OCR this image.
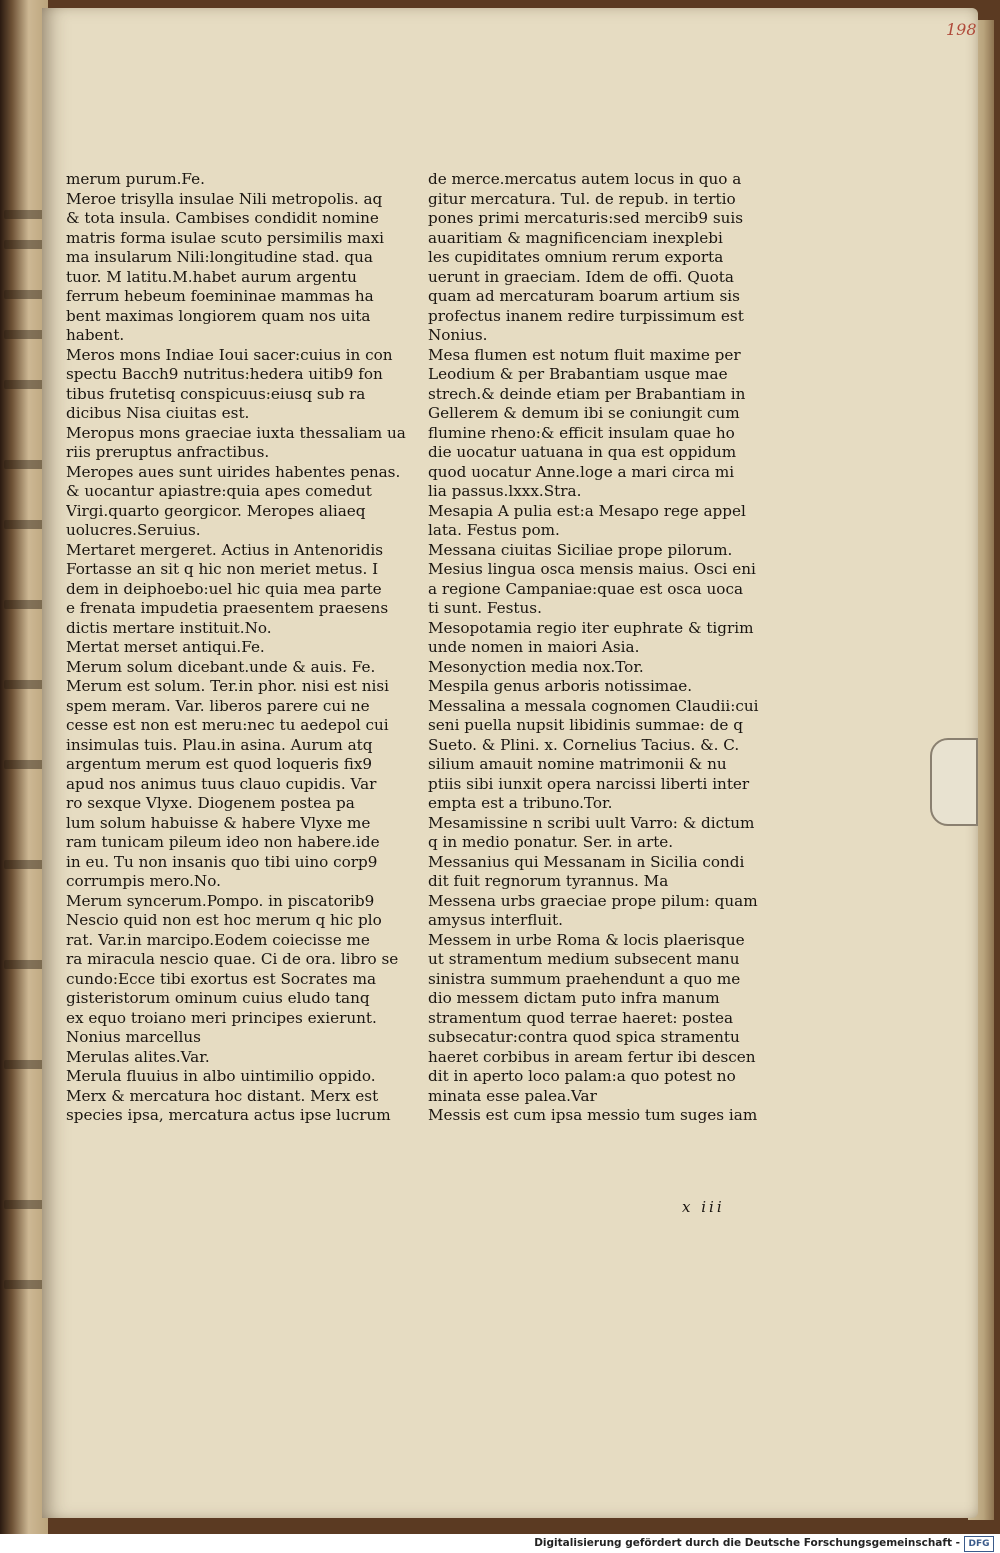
198
merum purum.Fe.
Meroe trisylla insulae Nili metropolis. aq
& tota insula. Cambises condidit nomine
matris forma isulae scuto persimilis maxi
ma insularum Nili:longitudine stad. qua
tuor. M latitu.M.habet aurum argentu
ferrum hebeum foemininae mammas ha
bent maximas longiorem quam nos uita
habent.
Meros mons Indiae Ioui sacer:cuius in con
spectu Bacch9 nutritus:hedera uitib9 fon
tibus frutetisq conspicuus:eiusq sub ra
dicibus Nisa ciuitas est.
Meropus mons graeciae iuxta thessaliam ua
riis preruptus anfractibus.
Meropes aues sunt uirides habentes penas.
& uocantur apiastre:quia apes comedut
Virgi.quarto georgicor. Meropes aliaeq
uolucres.Seruius.
Mertaret mergeret. Actius in Antenoridis
Fortasse an sit q hic non meriet metus. I
dem in deiphoebo:uel hic quia mea parte
e frenata impudetia praesentem praesens
dictis mertare instituit.No.
Mertat merset antiqui.Fe.
Merum solum dicebant.unde & auis. Fe.
Merum est solum. Ter.in phor. nisi est nisi
spem meram. Var. liberos parere cui ne
cesse est non est meru:nec tu aedepol cui
insimulas tuis. Plau.in asina. Aurum atq
argentum merum est quod loqueris fix9
apud nos animus tuus clauo cupidis. Var
ro sexque Vlyxe. Diogenem postea pa
lum solum habuisse & habere Vlyxe me
ram tunicam pileum ideo non habere.ide
in eu. Tu non insanis quo tibi uino corp9
corrumpis mero.No.
Merum syncerum.Pompo. in piscatorib9
Nescio quid non est hoc merum q hic plo
rat. Var.in marcipo.Eodem coiecisse me
ra miracula nescio quae. Ci de ora. libro se
cundo:Ecce tibi exortus est Socrates ma
gisteristorum ominum cuius eludo tanq
ex equo troiano meri principes exierunt.
Nonius marcellus
Merulas alites.Var.
Merula fluuius in albo uintimilio oppido.
Merx & mercatura hoc distant. Merx est
species ipsa, mercatura actus ipse lucrum
de merce.mercatus autem locus in quo a
gitur mercatura. Tul. de repub. in tertio
pones primi mercaturis:sed mercib9 suis
auaritiam & magnificenciam inexplebi
les cupiditates omnium rerum exporta
uerunt in graeciam. Idem de offi. Quota
quam ad mercaturam boarum artium sis
profectus inanem redire turpissimum est
Nonius.
Mesa flumen est notum fluit maxime per
Leodium & per Brabantiam usque mae
strech.& deinde etiam per Brabantiam in
Gellerem & demum ibi se coniungit cum
flumine rheno:& efficit insulam quae ho
die uocatur uatuana in qua est oppidum
quod uocatur Anne.loge a mari circa mi
lia passus.lxxx.Stra.
Mesapia A pulia est:a Mesapo rege appel
lata. Festus pom.
Messana ciuitas Siciliae prope pilorum.
Mesius lingua osca mensis maius. Osci eni
a regione Campaniae:quae est osca uoca
ti sunt. Festus.
Mesopotamia regio iter euphrate & tigrim
unde nomen in maiori Asia.
Mesonyction media nox.Tor.
Mespila genus arboris notissimae.
Messalina a messala cognomen Claudii:cui
seni puella nupsit libidinis summae: de q
Sueto. & Plini. x. Cornelius Tacius. &. C.
silium amauit nomine matrimonii & nu
ptiis sibi iunxit opera narcissi liberti inter
empta est a tribuno.Tor.
Mesamissine n scribi uult Varro: & dictum
q in medio ponatur. Ser. in arte.
Messanius qui Messanam in Sicilia condi
dit fuit regnorum tyrannus. Ma
Messena urbs graeciae prope pilum: quam
amysus interfluit.
Messem in urbe Roma & locis plaerisque
ut stramentum medium subsecent manu
sinistra summum praehendunt a quo me
dio messem dictam puto infra manum
stramentum quod terrae haeret: postea
subsecatur:contra quod spica stramentu
haeret corbibus in aream fertur ibi descen
dit in aperto loco palam:a quo potest no
minata esse palea.Var
Messis est cum ipsa messio tum suges iam
x iii
Digitalisierung gefördert durch die Deutsche Forschungsgemeinschaft - DFG
